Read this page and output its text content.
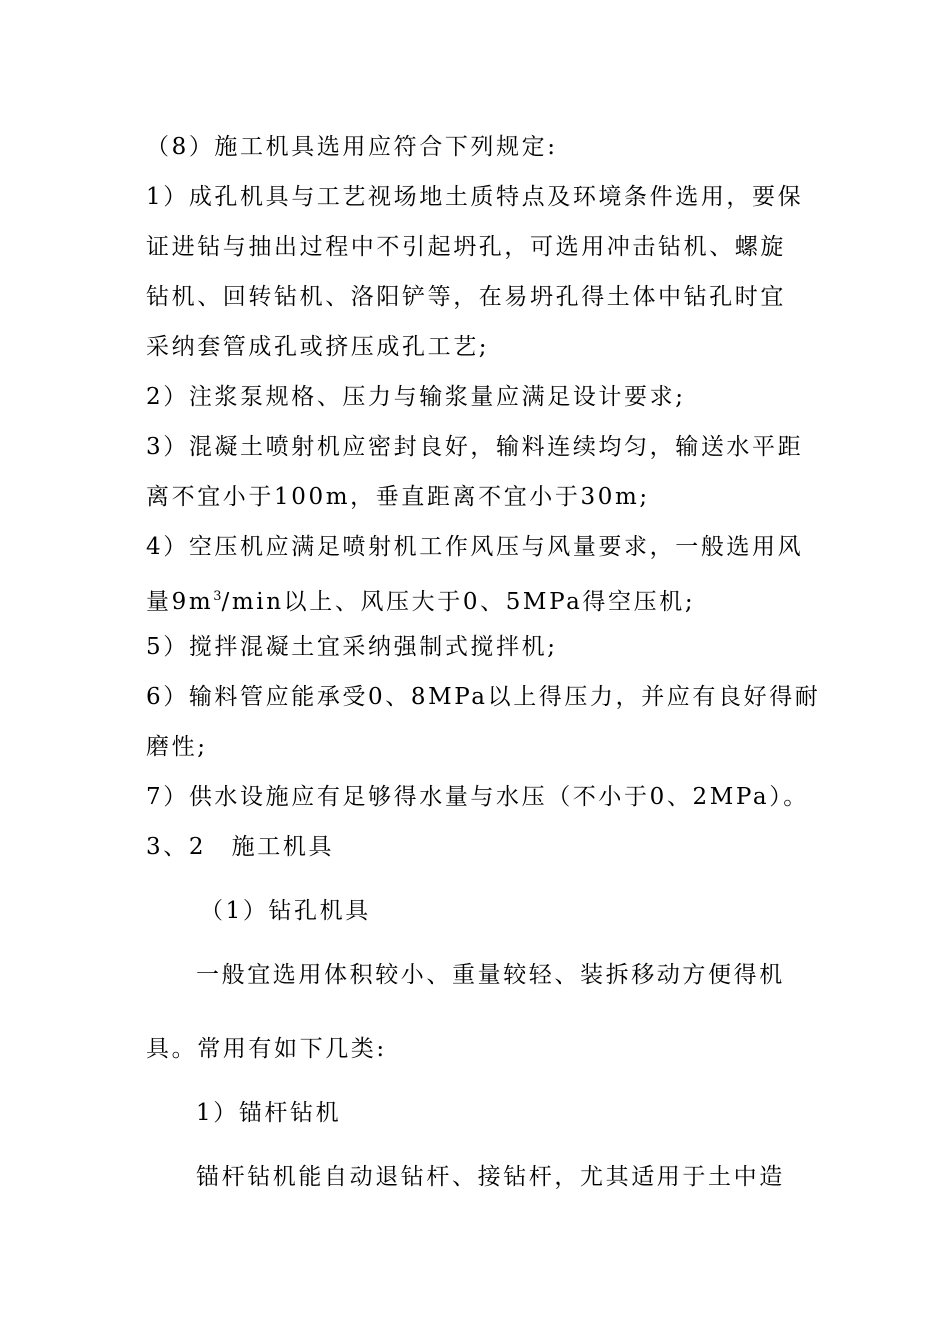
（8）施工机具选用应符合下列规定:
1）成孔机具与工艺视场地土质特点及环境条件选用，要保
证进钻与抽出过程中不引起坍孔，可选用冲击钻机、螺旋
钻机、回转钻机、洛阳铲等，在易坍孔得土体中钻孔时宜
采纳套管成孔或挤压成孔工艺;
2）注浆泵规格、压力与输浆量应满足设计要求;
3）混凝土喷射机应密封良好，输料连续均匀，输送水平距
离不宜小于100m，垂直距离不宜小于30m;
4）空压机应满足喷射机工作风压与风量要求，一般选用风
量$9m^3/\min$以上、风压大于0、5MPa得空压机;
5）搅拌混凝土宜采纳强制式搅拌机;
6）输料管应能承受0、8MPa以上得压力，并应有良好得耐
磨性;
7）供水设施应有足够得水量与水压（不小于0、2MPa）。
3、2　施工机具
（1）钻孔机具
一般宜选用体积较小、重量较轻、装拆移动方便得机
具。常用有如下几类:
1）锚杆钻机
锚杆钻机能自动退钻杆、接钻杆，尤其适用于土中造
